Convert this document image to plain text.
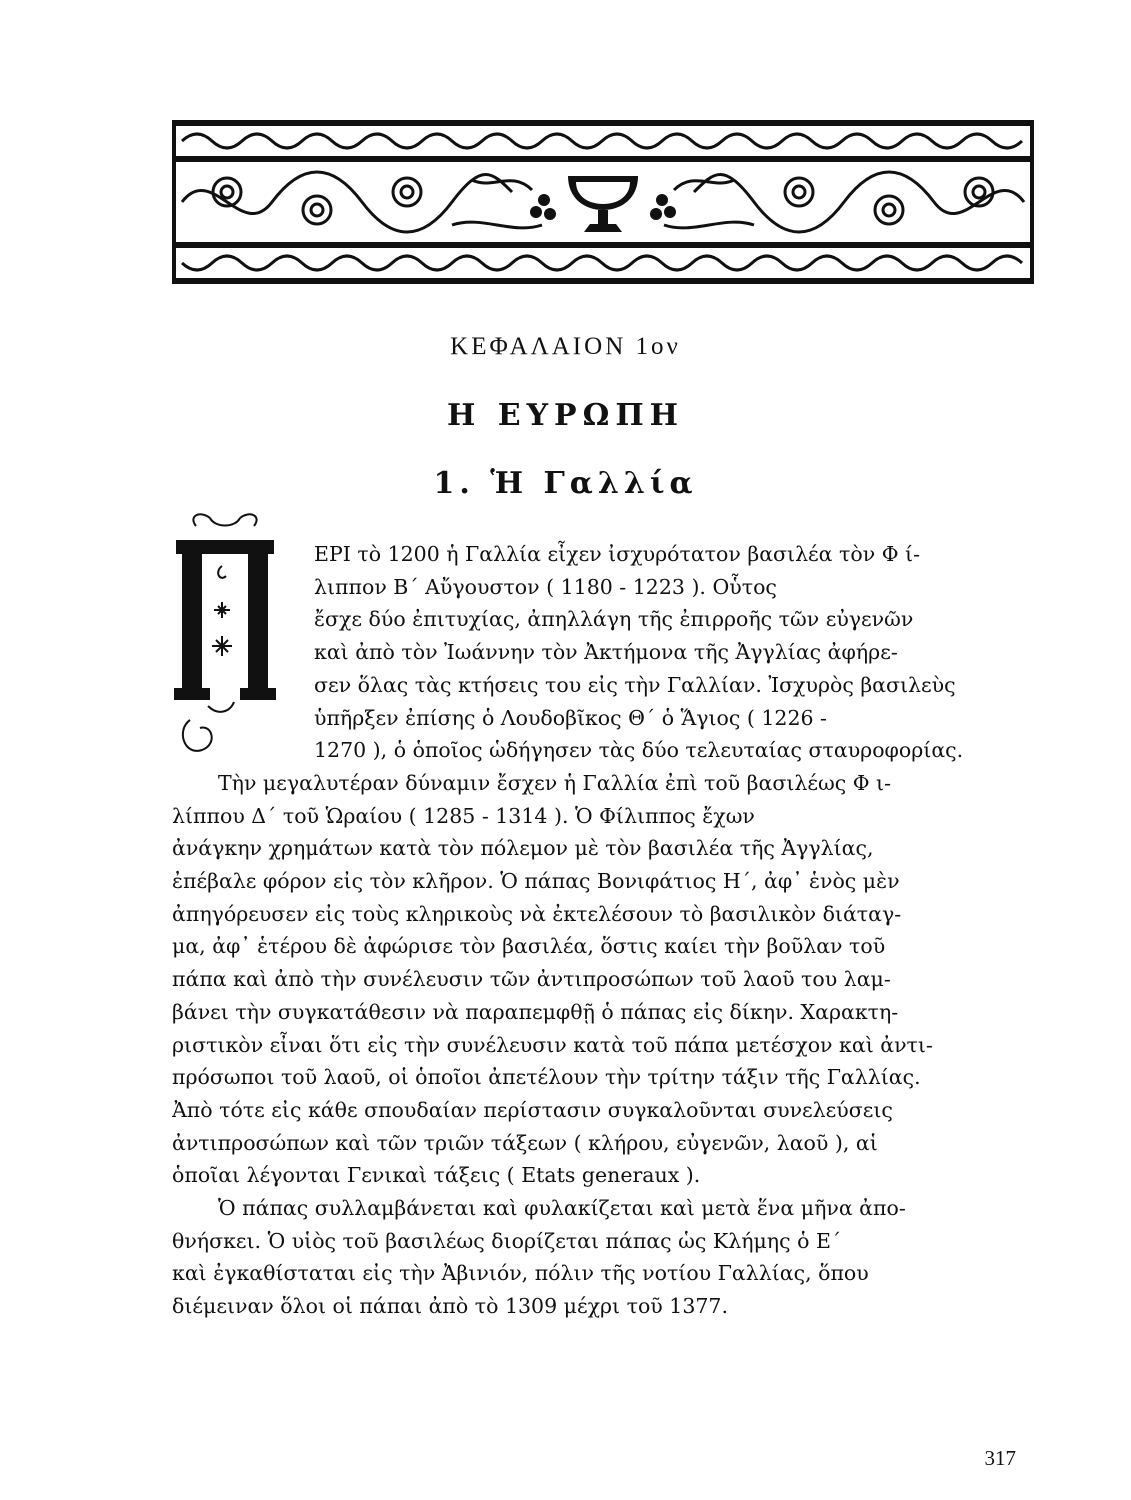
ΚΕΦΑΛΑΙΟΝ 1ον
Η ΕΥΡΩΠΗ
1. Ἡ Γαλλία
Π
ΕΡΙ τὸ 1200 ἡ Γαλλία εἶχεν ἰσχυρότατον βασιλέα τὸν Φ ί-
λιππον Β΄ Αὔγουστον ( 1180 - 1223 ). Οὗτος
ἔσχε δύο ἐπιτυχίας, ἀπηλλάγη τῆς ἐπιρροῆς τῶν εὐγενῶν
καὶ ἀπὸ τὸν Ἰωάννην τὸν Ἀκτήμονα τῆς Ἀγγλίας ἀφήρε-
σεν ὅλας τὰς κτήσεις του εἰς τὴν Γαλλίαν. Ἰσχυρὸς βασιλεὺς
ὑπῆρξεν ἐπίσης ὁ Λουδοβῖκος Θ΄ ὁ Ἅγιος ( 1226 -
1270 ), ὁ ὁποῖος ὡδήγησεν τὰς δύο τελευταίας σταυροφορίας.
Τὴν μεγαλυτέραν δύναμιν ἔσχεν ἡ Γαλλία ἐπὶ τοῦ βασιλέως Φ ι-
λίππου Δ΄ τοῦ Ὡραίου ( 1285 - 1314 ). Ὁ Φίλιππος ἔχων
ἀνάγκην χρημάτων κατὰ τὸν πόλεμον μὲ τὸν βασιλέα τῆς Ἀγγλίας,
ἐπέβαλε φόρον εἰς τὸν κλῆρον. Ὁ πάπας Βονιφάτιος Η΄, ἀφ᾽ ἑνὸς μὲν
ἀπηγόρευσεν εἰς τοὺς κληρικοὺς νὰ ἐκτελέσουν τὸ βασιλικὸν διάταγ-
μα, ἀφ᾽ ἑτέρου δὲ ἀφώρισε τὸν βασιλέα, ὅστις καίει τὴν βοῦλαν τοῦ
πάπα καὶ ἀπὸ τὴν συνέλευσιν τῶν ἀντιπροσώπων τοῦ λαοῦ του λαμ-
βάνει τὴν συγκατάθεσιν νὰ παραπεμφθῇ ὁ πάπας εἰς δίκην. Χαρακτη-
ριστικὸν εἶναι ὅτι εἰς τὴν συνέλευσιν κατὰ τοῦ πάπα μετέσχον καὶ ἀντι-
πρόσωποι τοῦ λαοῦ, οἱ ὁποῖοι ἀπετέλουν τὴν τρίτην τάξιν τῆς Γαλλίας.
Ἀπὸ τότε εἰς κάθε σπουδαίαν περίστασιν συγκαλοῦνται συνελεύσεις
ἀντιπροσώπων καὶ τῶν τριῶν τάξεων ( κλήρου, εὐγενῶν, λαοῦ ), αἱ
ὁποῖαι λέγονται Γενικαὶ τάξεις ( Etats generaux ).
Ὁ πάπας συλλαμβάνεται καὶ φυλακίζεται καὶ μετὰ ἕνα μῆνα ἀπο-
θνήσκει. Ὁ υἱὸς τοῦ βασιλέως διορίζεται πάπας ὡς Κλήμης ὁ Ε΄
καὶ ἐγκαθίσταται εἰς τὴν Ἀβινιόν, πόλιν τῆς νοτίου Γαλλίας, ὅπου
διέμειναν ὅλοι οἱ πάπαι ἀπὸ τὸ 1309 μέχρι τοῦ 1377.
317
